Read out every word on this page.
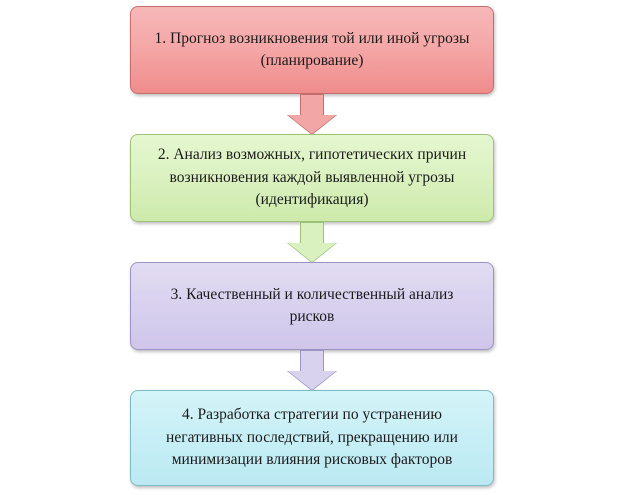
1. Прогноз возникновения той или иной угрозы (планирование)
2. Анализ возможных, гипотетических причин возникновения каждой выявленной угрозы (идентификация)
3. Качественный и количественный анализ рисков
4. Разработка стратегии по устранению негативных последствий, прекращению или минимизации влияния рисковых факторов
